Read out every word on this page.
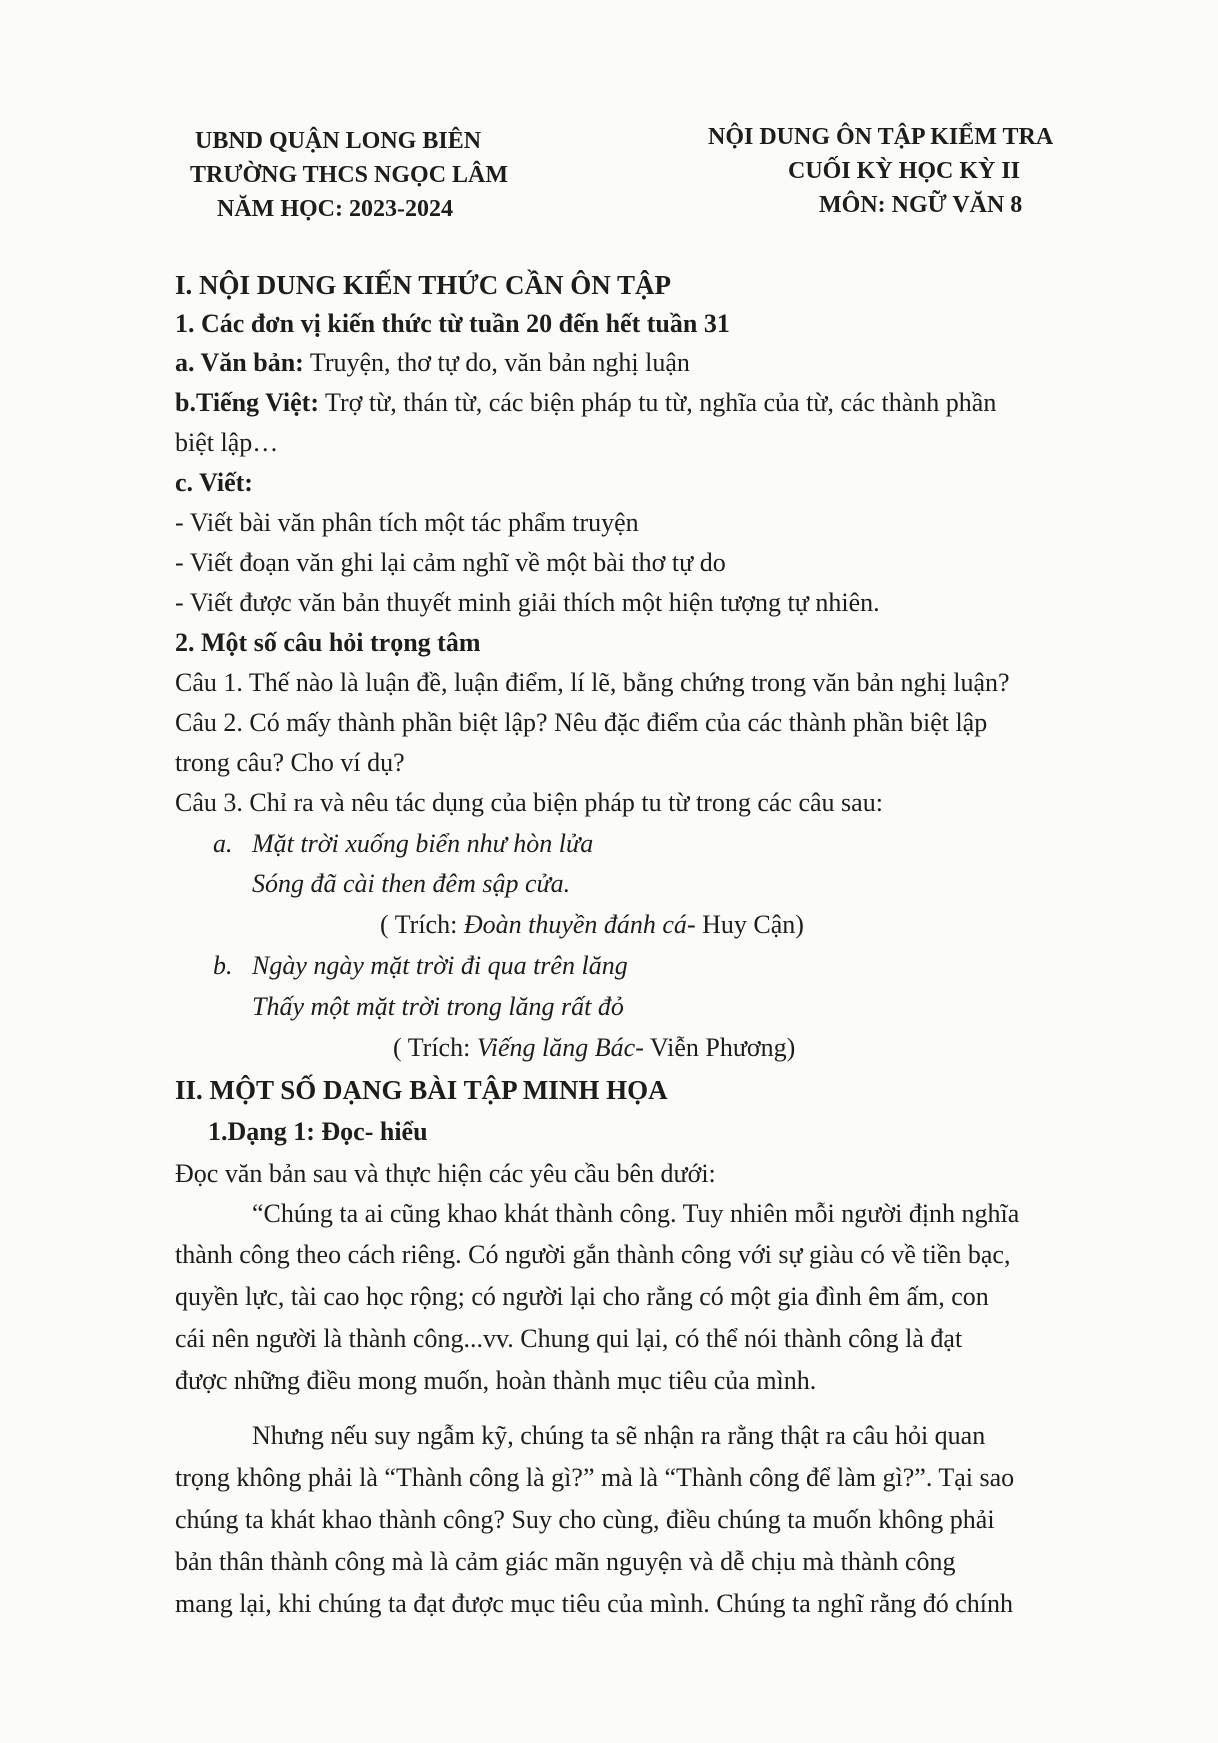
UBND QUẬN LONG BIÊN
TRƯỜNG THCS NGỌC LÂM
NĂM HỌC: 2023-2024
NỘI DUNG ÔN TẬP KIỂM TRA
CUỐI KỲ HỌC KỲ II
MÔN: NGỮ VĂN 8
I. NỘI DUNG KIẾN THỨC CẦN ÔN TẬP
1. Các đơn vị kiến thức từ tuần 20 đến hết tuần 31
a. Văn bản: Truyện, thơ tự do, văn bản nghị luận
b.Tiếng Việt: Trợ từ, thán từ, các biện pháp tu từ, nghĩa của từ, các thành phần
biệt lập…
c. Viết:
- Viết bài văn phân tích một tác phẩm truyện
- Viết đoạn văn ghi lại cảm nghĩ về một bài thơ tự do
- Viết được văn bản thuyết minh giải thích một hiện tượng tự nhiên.
2. Một số câu hỏi trọng tâm
Câu 1. Thế nào là luận đề, luận điểm, lí lẽ, bằng chứng trong văn bản nghị luận?
Câu 2. Có mấy thành phần biệt lập? Nêu đặc điểm của các thành phần biệt lập
trong câu? Cho ví dụ?
Câu 3. Chỉ ra và nêu tác dụng của biện pháp tu từ trong các câu sau:
a. Mặt trời xuống biển như hòn lửa
Sóng đã cài then đêm sập cửa.
( Trích: Đoàn thuyền đánh cá- Huy Cận)
b. Ngày ngày mặt trời đi qua trên lăng
Thấy một mặt trời trong lăng rất đỏ
( Trích: Viếng lăng Bác- Viễn Phương)
II. MỘT SỐ DẠNG BÀI TẬP MINH HỌA
1.Dạng 1: Đọc- hiểu
Đọc văn bản sau và thực hiện các yêu cầu bên dưới:
“Chúng ta ai cũng khao khát thành công. Tuy nhiên mỗi người định nghĩa
thành công theo cách riêng. Có người gắn thành công với sự giàu có về tiền bạc,
quyền lực, tài cao học rộng; có người lại cho rằng có một gia đình êm ấm, con
cái nên người là thành công...vv. Chung qui lại, có thể nói thành công là đạt
được những điều mong muốn, hoàn thành mục tiêu của mình.
Nhưng nếu suy ngẫm kỹ, chúng ta sẽ nhận ra rằng thật ra câu hỏi quan
trọng không phải là “Thành công là gì?” mà là “Thành công để làm gì?”. Tại sao
chúng ta khát khao thành công? Suy cho cùng, điều chúng ta muốn không phải
bản thân thành công mà là cảm giác mãn nguyện và dễ chịu mà thành công
mang lại, khi chúng ta đạt được mục tiêu của mình. Chúng ta nghĩ rằng đó chính
